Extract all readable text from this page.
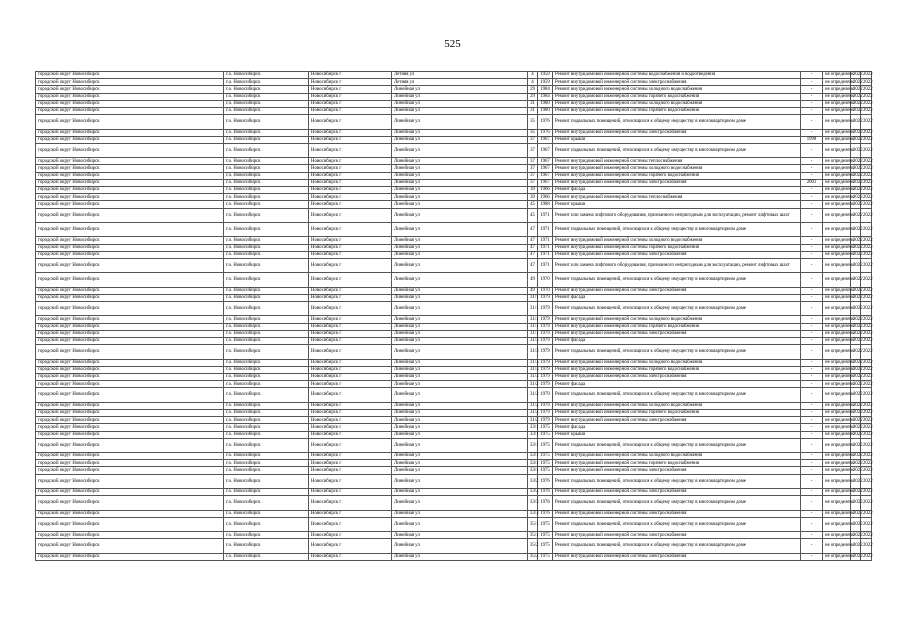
525
городской округ Новосибирск	г.о. Новосибирск	Новосибирск г	Летняя ул	4	1959	Ремонт внутридомовой инженерной системы водоснабжения и водоотведения	-	не определено	2022	2022
городской округ Новосибирск	г.о. Новосибирск	Новосибирск г	Летняя ул	4	1959	Ремонт внутридомовой инженерной системы электроснабжения	-	не определено	2022	2022
городской округ Новосибирск	г.о. Новосибирск	Новосибирск г	Линейная ул	29	1984	Ремонт внутридомовой инженерной системы холодного водоснабжения	-	не определено	2022	2022
городской округ Новосибирск	г.о. Новосибирск	Новосибирск г	Линейная ул	29	1984	Ремонт внутридомовой инженерной системы горячего водоснабжения	-	не определено	2022	2022
городской округ Новосибирск	г.о. Новосибирск	Новосибирск г	Линейная ул	31	1980	Ремонт внутридомовой инженерной системы холодного водоснабжения	-	не определено	2022	2022
городской округ Новосибирск	г.о. Новосибирск	Новосибирск г	Линейная ул	31	1980	Ремонт внутридомовой инженерной системы горячего водоснабжения	-	не определено	2022	2022
городской округ Новосибирск	г.о. Новосибирск	Новосибирск г	Линейная ул	35	1976	Ремонт подвальных помещений, относящихся к общему имуществу в многоквартирном доме	-	не определено	2022	2022
городской округ Новосибирск	г.о. Новосибирск	Новосибирск г	Линейная ул	35	1976	Ремонт внутридомовой инженерной системы электроснабжения	-	не определено	2022	2022
городской округ Новосибирск	г.о. Новосибирск	Новосибирск г	Линейная ул	37	1967	Ремонт крыши	1998	не определено	2022	2022
городской округ Новосибирск	г.о. Новосибирск	Новосибирск г	Линейная ул	37	1967	Ремонт подвальных помещений, относящихся к общему имуществу в многоквартирном доме	-	не определено	2022	2022
городской округ Новосибирск	г.о. Новосибирск	Новосибирск г	Линейная ул	37	1967	Ремонт внутридомовой инженерной системы теплоснабжения	-	не определено	2022	2022
городской округ Новосибирск	г.о. Новосибирск	Новосибирск г	Линейная ул	37	1967	Ремонт внутридомовой инженерной системы холодного водоснабжения	-	не определено	2022	2022
городской округ Новосибирск	г.о. Новосибирск	Новосибирск г	Линейная ул	37	1967	Ремонт внутридомовой инженерной системы горячего водоснабжения	-	не определено	2022	2022
городской округ Новосибирск	г.о. Новосибирск	Новосибирск г	Линейная ул	37	1967	Ремонт внутридомовой инженерной системы электроснабжения	2001	не определено	2022	2022
городской округ Новосибирск	г.о. Новосибирск	Новосибирск г	Линейная ул	39	1966	Ремонт фасада	-	не определено	2022	2022
городской округ Новосибирск	г.о. Новосибирск	Новосибирск г	Линейная ул	39	1966	Ремонт внутридомовой инженерной системы теплоснабжения	-	не определено	2022	2022
городской округ Новосибирск	г.о. Новосибирск	Новосибирск г	Линейная ул	45	1988	Ремонт крыши	-	не определено	2022	2022
городской округ Новосибирск	г.о. Новосибирск	Новосибирск г	Линейная ул	45	1971	Ремонт или замена лифтового оборудования, признанного непригодным для эксплуатации, ремонт лифтовых шахт	-	не определено	2022	2022
городской округ Новосибирск	г.о. Новосибирск	Новосибирск г	Линейная ул	47	1971	Ремонт подвальных помещений, относящихся к общему имуществу в многоквартирном доме	-	не определено	2022	2022
городской округ Новосибирск	г.о. Новосибирск	Новосибирск г	Линейная ул	47	1971	Ремонт внутридомовой инженерной системы холодного водоснабжения	-	не определено	2022	2022
городской округ Новосибирск	г.о. Новосибирск	Новосибирск г	Линейная ул	47	1971	Ремонт внутридомовой инженерной системы горячего водоснабжения	-	не определено	2022	2022
городской округ Новосибирск	г.о. Новосибирск	Новосибирск г	Линейная ул	47	1971	Ремонт внутридомовой инженерной системы электроснабжения	-	не определено	2022	2022
городской округ Новосибирск	г.о. Новосибирск	Новосибирск г	Линейная ул	47	1971	Ремонт или замена лифтового оборудования, признанного непригодным для эксплуатации, ремонт лифтовых шахт	-	не определено	2022	2022
городской округ Новосибирск	г.о. Новосибирск	Новосибирск г	Линейная ул	49	1970	Ремонт подвальных помещений, относящихся к общему имуществу в многоквартирном доме	-	не определено	2022	2022
городской округ Новосибирск	г.о. Новосибирск	Новосибирск г	Линейная ул	49	1970	Ремонт внутридомовой инженерной системы электроснабжения	-	не определено	2022	2022
городской округ Новосибирск	г.о. Новосибирск	Новосибирск г	Линейная ул	31/1	1979	Ремонт фасада	-	не определено	2022	2022
городской округ Новосибирск	г.о. Новосибирск	Новосибирск г	Линейная ул	31/1	1979	Ремонт подвальных помещений, относящихся к общему имуществу в многоквартирном доме	-	не определено	2022	2022
городской округ Новосибирск	г.о. Новосибирск	Новосибирск г	Линейная ул	31/1	1979	Ремонт внутридомовой инженерной системы холодного водоснабжения	-	не определено	2022	2022
городской округ Новосибирск	г.о. Новосибирск	Новосибирск г	Линейная ул	31/1	1979	Ремонт внутридомовой инженерной системы горячего водоснабжения	-	не определено	2022	2022
городской округ Новосибирск	г.о. Новосибирск	Новосибирск г	Линейная ул	31/1	1979	Ремонт внутридомовой инженерной системы электроснабжения	-	не определено	2022	2022
городской округ Новосибирск	г.о. Новосибирск	Новосибирск г	Линейная ул	31/3	1979	Ремонт фасада	-	не определено	2022	2022
городской округ Новосибирск	г.о. Новосибирск	Новосибирск г	Линейная ул	31/3	1979	Ремонт подвальных помещений, относящихся к общему имуществу в многоквартирном доме	-	не определено	2022	2022
городской округ Новосибирск	г.о. Новосибирск	Новосибирск г	Линейная ул	31/3	1979	Ремонт внутридомовой инженерной системы холодного водоснабжения	-	не определено	2022	2022
городской округ Новосибирск	г.о. Новосибирск	Новосибирск г	Линейная ул	31/3	1979	Ремонт внутридомовой инженерной системы горячего водоснабжения	-	не определено	2022	2022
городской округ Новосибирск	г.о. Новосибирск	Новосибирск г	Линейная ул	31/3	1979	Ремонт внутридомовой инженерной системы электроснабжения	-	не определено	2022	2022
городской округ Новосибирск	г.о. Новосибирск	Новосибирск г	Линейная ул	31/2	1979	Ремонт фасада	-	не определено	2022	2022
городской округ Новосибирск	г.о. Новосибирск	Новосибирск г	Линейная ул	31/2	1979	Ремонт подвальных помещений, относящихся к общему имуществу в многоквартирном доме	-	не определено	2022	2022
городской округ Новосибирск	г.о. Новосибирск	Новосибирск г	Линейная ул	31/2	1979	Ремонт внутридомовой инженерной системы холодного водоснабжения	-	не определено	2022	2022
городской округ Новосибирск	г.о. Новосибирск	Новосибирск г	Линейная ул	31/2	1979	Ремонт внутридомовой инженерной системы горячего водоснабжения	-	не определено	2022	2022
городской округ Новосибирск	г.о. Новосибирск	Новосибирск г	Линейная ул	31/2	1979	Ремонт внутридомовой инженерной системы электроснабжения	-	не определено	2022	2022
городской округ Новосибирск	г.о. Новосибирск	Новосибирск г	Линейная ул	33/1	1975	Ремонт фасада	-	не определено	2022	2022
городской округ Новосибирск	г.о. Новосибирск	Новосибирск г	Линейная ул	33/1	1975	Ремонт крыши	-	не определено	2022	2022
городской округ Новосибирск	г.о. Новосибирск	Новосибирск г	Линейная ул	33/1	1975	Ремонт подвальных помещений, относящихся к общему имуществу в многоквартирном доме	-	не определено	2022	2022
городской округ Новосибирск	г.о. Новосибирск	Новосибирск г	Линейная ул	33/1	1975	Ремонт внутридомовой инженерной системы холодного водоснабжения	-	не определено	2022	2022
городской округ Новосибирск	г.о. Новосибирск	Новосибирск г	Линейная ул	33/1	1975	Ремонт внутридомовой инженерной системы горячего водоснабжения	-	не определено	2022	2022
городской округ Новосибирск	г.о. Новосибирск	Новосибирск г	Линейная ул	33/1	1975	Ремонт внутридомовой инженерной системы электроснабжения	-	не определено	2022	2022
городской округ Новосибирск	г.о. Новосибирск	Новосибирск г	Линейная ул	33/2	1976	Ремонт подвальных помещений, относящихся к общему имуществу в многоквартирном доме	-	не определено	2022	2022
городской округ Новосибирск	г.о. Новосибирск	Новосибирск г	Линейная ул	33/2	1976	Ремонт внутридомовой инженерной системы электроснабжения	-	не определено	2022	2022
городской округ Новосибирск	г.о. Новосибирск	Новосибирск г	Линейная ул	33/3	1976	Ремонт подвальных помещений, относящихся к общему имуществу в многоквартирном доме	-	не определено	2022	2022
городской округ Новосибирск	г.о. Новосибирск	Новосибирск г	Линейная ул	33/3	1976	Ремонт внутридомовой инженерной системы электроснабжения	-	не определено	2022	2022
городской округ Новосибирск	г.о. Новосибирск	Новосибирск г	Линейная ул	35/1	1975	Ремонт подвальных помещений, относящихся к общему имуществу в многоквартирном доме	-	не определено	2022	2022
городской округ Новосибирск	г.о. Новосибирск	Новосибирск г	Линейная ул	35/1	1975	Ремонт внутридомовой инженерной системы электроснабжения	-	не определено	2022	2022
городской округ Новосибирск	г.о. Новосибирск	Новосибирск г	Линейная ул	35/2	1975	Ремонт подвальных помещений, относящихся к общему имуществу в многоквартирном доме	-	не определено	2022	2022
городской округ Новосибирск	г.о. Новосибирск	Новосибирск г	Линейная ул	35/2	1975	Ремонт внутридомовой инженерной системы электроснабжения	-	не определено	2022	2022
